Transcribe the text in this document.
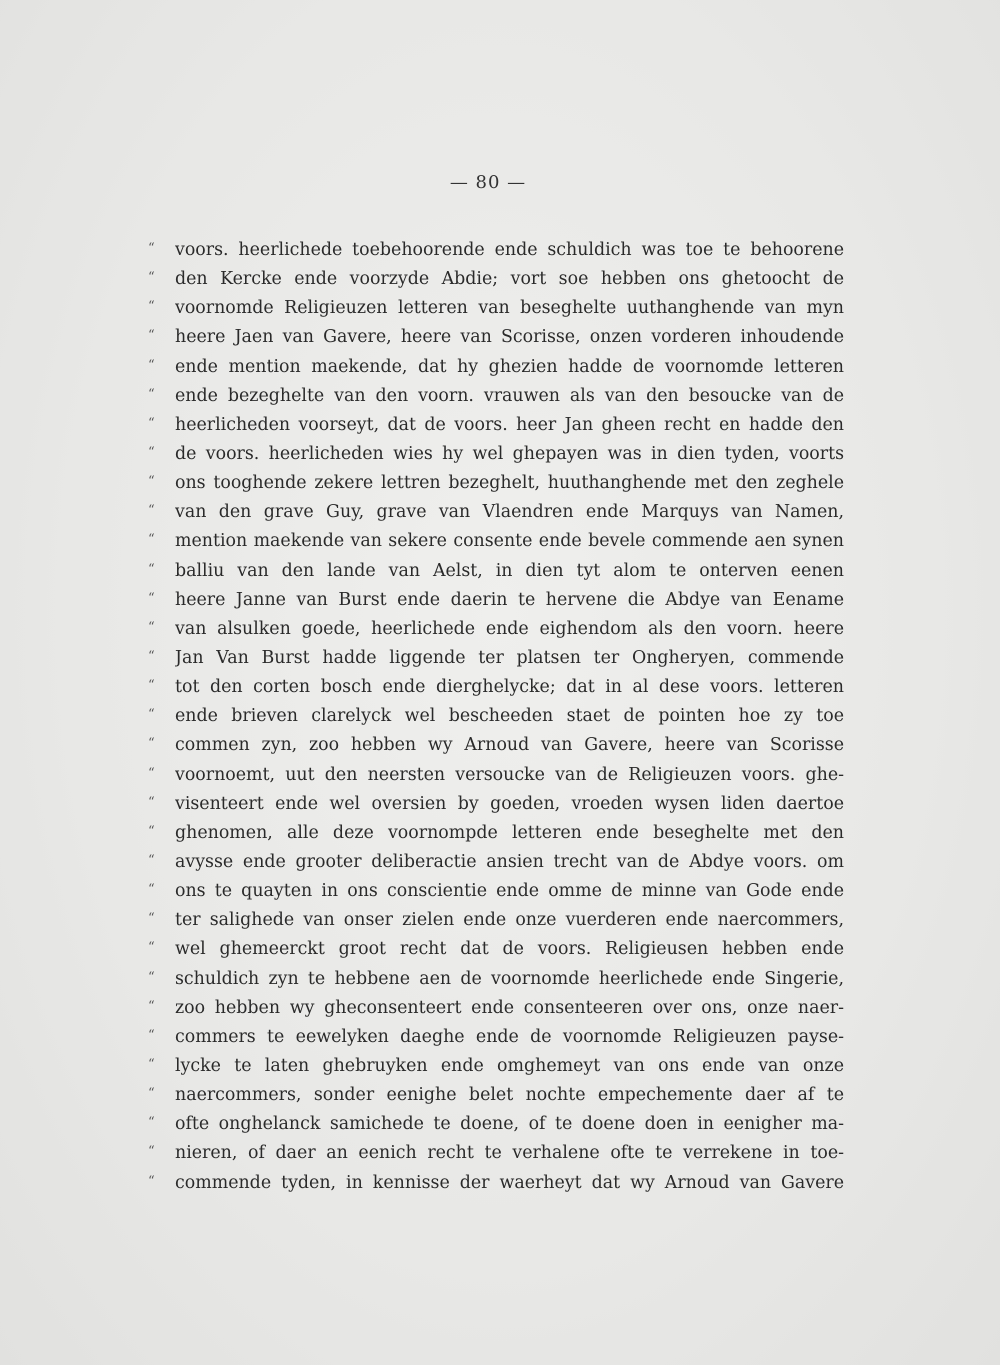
— 80 —
“ voors. heerlichede toebehoorende ende schuldich was toe te behoorene
“ den Kercke ende voorzyde Abdie; vort soe hebben ons ghetoocht de
“ voornomde Religieuzen letteren van beseghelte uuthanghende van myn
“ heere Jaen van Gavere, heere van Scorisse, onzen vorderen inhoudende
“ ende mention maekende, dat hy ghezien hadde de voornomde letteren
“ ende bezeghelte van den voorn. vrauwen als van den besoucke van de
“ heerlicheden voorseyt, dat de voors. heer Jan gheen recht en hadde den
“ de voors. heerlicheden wies hy wel ghepayen was in dien tyden, voorts
“ ons tooghende zekere lettren bezeghelt, huuthanghende met den zeghele
“ van den grave Guy, grave van Vlaendren ende Marquys van Namen,
“ mention maekende van sekere consente ende bevele commende aen synen
“ balliu van den lande van Aelst, in dien tyt alom te onterven eenen
“ heere Janne van Burst ende daerin te hervene die Abdye van Eename
“ van alsulken goede, heerlichede ende eighendom als den voorn. heere
“ Jan Van Burst hadde liggende ter platsen ter Ongheryen, commende
“ tot den corten bosch ende dierghelycke; dat in al dese voors. letteren
“ ende brieven clarelyck wel bescheeden staet de pointen hoe zy toe
“ commen zyn, zoo hebben wy Arnoud van Gavere, heere van Scorisse
“ voornoemt, uut den neersten versoucke van de Religieuzen voors. ghe-
“ visenteert ende wel oversien by goeden, vroeden wysen liden daertoe
“ ghenomen, alle deze voornompde letteren ende beseghelte met den
“ avysse ende grooter deliberactie ansien trecht van de Abdye voors. om
“ ons te quayten in ons conscientie ende omme de minne van Gode ende
“ ter salighede van onser zielen ende onze vuerderen ende naercommers,
“ wel ghemeerckt groot recht dat de voors. Religieusen hebben ende
“ schuldich zyn te hebbene aen de voornomde heerlichede ende Singerie,
“ zoo hebben wy gheconsenteert ende consenteeren over ons, onze naer-
“ commers te eewelyken daeghe ende de voornomde Religieuzen payse-
“ lycke te laten ghebruyken ende omghemeyt van ons ende van onze
“ naercommers, sonder eenighe belet nochte empechemente daer af te
“ ofte onghelanck samichede te doene, of te doene doen in eenigher ma-
“ nieren, of daer an eenich recht te verhalene ofte te verrekene in toe-
“ commende tyden, in kennisse der waerheyt dat wy Arnoud van Gavere
